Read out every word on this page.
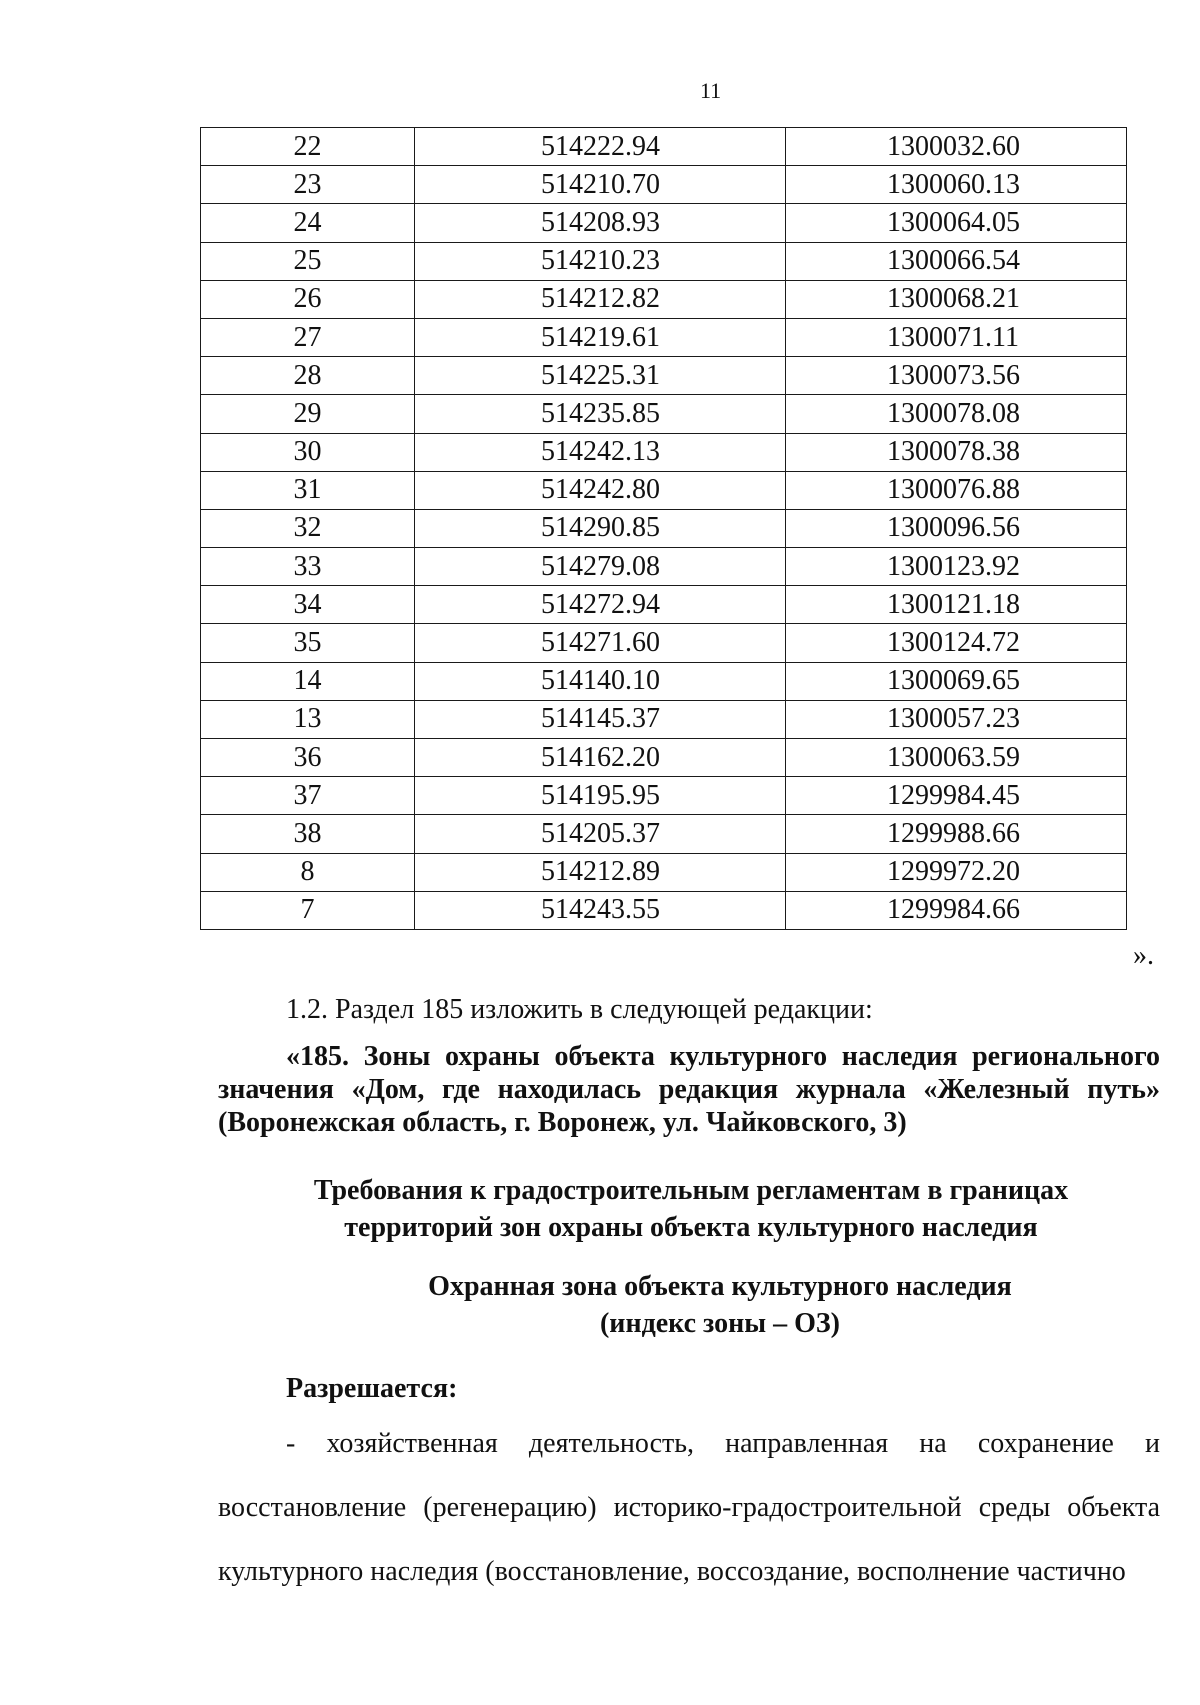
11
22	514222.94	1300032.60
23	514210.70	1300060.13
24	514208.93	1300064.05
25	514210.23	1300066.54
26	514212.82	1300068.21
27	514219.61	1300071.11
28	514225.31	1300073.56
29	514235.85	1300078.08
30	514242.13	1300078.38
31	514242.80	1300076.88
32	514290.85	1300096.56
33	514279.08	1300123.92
34	514272.94	1300121.18
35	514271.60	1300124.72
14	514140.10	1300069.65
13	514145.37	1300057.23
36	514162.20	1300063.59
37	514195.95	1299984.45
38	514205.37	1299988.66
8	514212.89	1299972.20
7	514243.55	1299984.66
».
1.2. Раздел 185 изложить в следующей редакции:
«185. Зоны охраны объекта культурного наследия регионального значения «Дом, где находилась редакция журнала «Железный путь» (Воронежская область, г. Воронеж, ул. Чайковского, 3)
Требования к градостроительным регламентам в границах
территорий зон охраны объекта культурного наследия
Охранная зона объекта культурного наследия
(индекс зоны – ОЗ)
Разрешается:
- хозяйственная деятельность, направленная на сохранение и восстановление (регенерацию) историко-градостроительной среды объекта культурного наследия (восстановление, воссоздание, восполнение частично
